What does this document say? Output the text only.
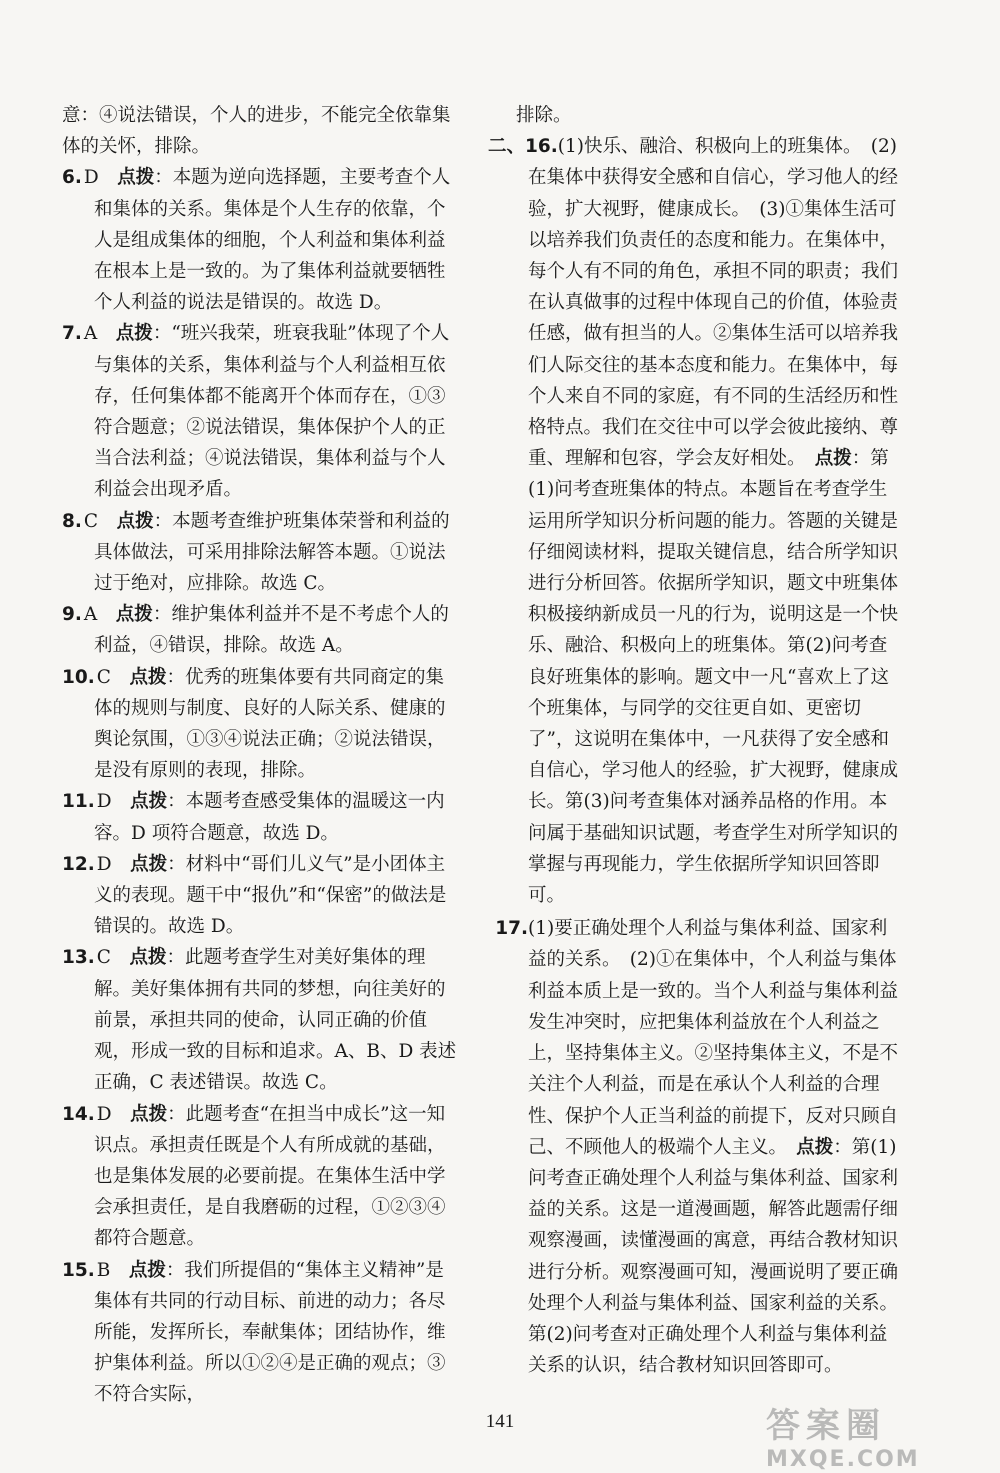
意：④说法错误，个人的进步，不能完全依靠集体的关怀，排除。

6. D　 点拨：本题为逆向选择题，主要考查个人和集体的关系。集体是个人生存的依靠，个人是组成集体的细胞，个人利益和集体利益在根本上是一致的。为了集体利益就要牺牲个人利益的说法是错误的。故选 D。

7. A　 点拨：“班兴我荣，班衰我耻”体现了个人与集体的关系，集体利益与个人利益相互依存，任何集体都不能离开个体而存在，①③符合题意；②说法错误，集体保护个人的正当合法利益；④说法错误，集体利益与个人利益会出现矛盾。

8. C　 点拨：本题考查维护班集体荣誉和利益的具体做法，可采用排除法解答本题。①说法过于绝对，应排除。故选 C。

9. A　 点拨：维护集体利益并不是不考虑个人的利益，④错误，排除。故选 A。

10. C　 点拨：优秀的班集体要有共同商定的集体的规则与制度、良好的人际关系、健康的舆论氛围，①③④说法正确；②说法错误，是没有原则的表现，排除。

11. D　 点拨：本题考查感受集体的温暖这一内容。D 项符合题意，故选 D。

12. D　 点拨：材料中“哥们儿义气”是小团体主义的表现。题干中“报仇”和“保密”的做法是错误的。故选 D。

13. C　 点拨：此题考查学生对美好集体的理解。美好集体拥有共同的梦想，向往美好的前景，承担共同的使命，认同正确的价值观，形成一致的目标和追求。A、B、D 表述正确，C 表述错误。故选 C。

14. D　 点拨：此题考查“在担当中成长”这一知识点。承担责任既是个人有所成就的基础，也是集体发展的必要前提。在集体生活中学会承担责任，是自我磨砺的过程，①②③④都符合题意。

15. B　 点拨：我们所提倡的“集体主义精神”是集体有共同的行动目标、前进的动力；各尽所能，发挥所长，奉献集体；团结协作，维护集体利益。所以①②④是正确的观点；③不符合实际，

排除。

二、16.(1)快乐、融洽、积极向上的班集体。　(2)在集体中获得安全感和自信心，学习他人的经验，扩大视野，健康成长。　(3)①集体生活可以培养我们负责任的态度和能力。在集体中，每个人有不同的角色，承担不同的职责；我们在认真做事的过程中体现自己的价值，体验责任感，做有担当的人。②集体生活可以培养我们人际交往的基本态度和能力。在集体中，每个人来自不同的家庭，有不同的生活经历和性格特点。我们在交往中可以学会彼此接纳、尊重、理解和包容，学会友好相处。　 点拨：第(1)问考查班集体的特点。本题旨在考查学生运用所学知识分析问题的能力。答题的关键是仔细阅读材料，提取关键信息，结合所学知识进行分析回答。依据所学知识，题文中班集体积极接纳新成员一凡的行为，说明这是一个快乐、融洽、积极向上的班集体。第(2)问考查良好班集体的影响。题文中一凡“喜欢上了这个班集体，与同学的交往更自如、更密切了”，这说明在集体中，一凡获得了安全感和自信心，学习他人的经验，扩大视野，健康成长。第(3)问考查集体对涵养品格的作用。本问属于基础知识试题，考查学生对所学知识的掌握与再现能力，学生依据所学知识回答即可。

17.(1)要正确处理个人利益与集体利益、国家利益的关系。　(2)①在集体中，个人利益与集体利益本质上是一致的。当个人利益与集体利益发生冲突时，应把集体利益放在个人利益之上，坚持集体主义。②坚持集体主义，不是不关注个人利益，而是在承认个人利益的合理性、保护个人正当利益的前提下，反对只顾自己、不顾他人的极端个人主义。　 点拨：第(1)问考查正确处理个人利益与集体利益、国家利益的关系。这是一道漫画题，解答此题需仔细观察漫画，读懂漫画的寓意，再结合教材知识进行分析。观察漫画可知，漫画说明了要正确处理个人利益与集体利益、国家利益的关系。第(2)问考查对正确处理个人利益与集体利益关系的认识，结合教材知识回答即可。

141	答案圈
MXQE.COM
